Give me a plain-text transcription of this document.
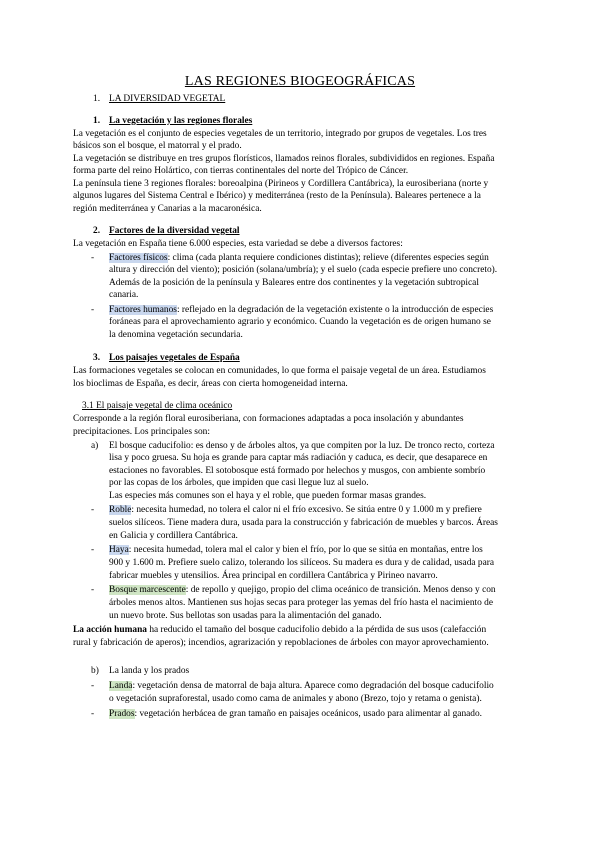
LAS REGIONES BIOGEOGRÁFICAS
1. LA DIVERSIDAD VEGETAL
1. La vegetación y las regiones florales
La vegetación es el conjunto de especies vegetales de un territorio, integrado por grupos de vegetales. Los tres
básicos son el bosque, el matorral y el prado.
La vegetación se distribuye en tres grupos florísticos, llamados reinos florales, subdivididos en regiones. España
forma parte del reino Holártico, con tierras continentales del norte del Trópico de Cáncer.
La península tiene 3 regiones florales: boreoalpina (Pirineos y Cordillera Cantábrica), la eurosiberiana (norte y
algunos lugares del Sistema Central e Ibérico) y mediterránea (resto de la Península). Baleares pertenece a la
región mediterránea y Canarias a la macaronésica.
2. Factores de la diversidad vegetal
La vegetación en España tiene 6.000 especies, esta variedad se debe a diversos factores:
- Factores físicos: clima (cada planta requiere condiciones distintas); relieve (diferentes especies según
altura y dirección del viento); posición (solana/umbría); y el suelo (cada especie prefiere uno concreto).
Además de la posición de la península y Baleares entre dos continentes y la vegetación subtropical
canaria.
- Factores humanos: reflejado en la degradación de la vegetación existente o la introducción de especies
foráneas para el aprovechamiento agrario y económico. Cuando la vegetación es de origen humano se
la denomina vegetación secundaria.
3. Los paisajes vegetales de España
Las formaciones vegetales se colocan en comunidades, lo que forma el paisaje vegetal de un área. Estudiamos
los bioclimas de España, es decir, áreas con cierta homogeneidad interna.
3.1 El paisaje vegetal de clima oceánico
Corresponde a la región floral eurosiberiana, con formaciones adaptadas a poca insolación y abundantes
precipitaciones. Los principales son:
a) El bosque caducifolio: es denso y de árboles altos, ya que compiten por la luz. De tronco recto, corteza
lisa y poco gruesa. Su hoja es grande para captar más radiación y caduca, es decir, que desaparece en
estaciones no favorables. El sotobosque está formado por helechos y musgos, con ambiente sombrío
por las copas de los árboles, que impiden que casi llegue luz al suelo.
Las especies más comunes son el haya y el roble, que pueden formar masas grandes.
- Roble: necesita humedad, no tolera el calor ni el frío excesivo. Se sitúa entre 0 y 1.000 m y prefiere
suelos silíceos. Tiene madera dura, usada para la construcción y fabricación de muebles y barcos. Áreas
en Galicia y cordillera Cantábrica.
- Haya: necesita humedad, tolera mal el calor y bien el frío, por lo que se sitúa en montañas, entre los
900 y 1.600 m. Prefiere suelo calizo, tolerando los silíceos. Su madera es dura y de calidad, usada para
fabricar muebles y utensilios. Área principal en cordillera Cantábrica y Pirineo navarro.
- Bosque marcescente: de repollo y quejigo, propio del clima oceánico de transición. Menos denso y con
árboles menos altos. Mantienen sus hojas secas para proteger las yemas del frío hasta el nacimiento de
un nuevo brote. Sus bellotas son usadas para la alimentación del ganado.
La acción humana ha reducido el tamaño del bosque caducifolio debido a la pérdida de sus usos (calefacción
rural y fabricación de aperos); incendios, agrarización y repoblaciones de árboles con mayor aprovechamiento.
b) La landa y los prados
- Landa: vegetación densa de matorral de baja altura. Aparece como degradación del bosque caducifolio
o vegetación supraforestal, usado como cama de animales y abono (Brezo, tojo y retama o genista).
- Prados: vegetación herbácea de gran tamaño en paisajes oceánicos, usado para alimentar al ganado.
